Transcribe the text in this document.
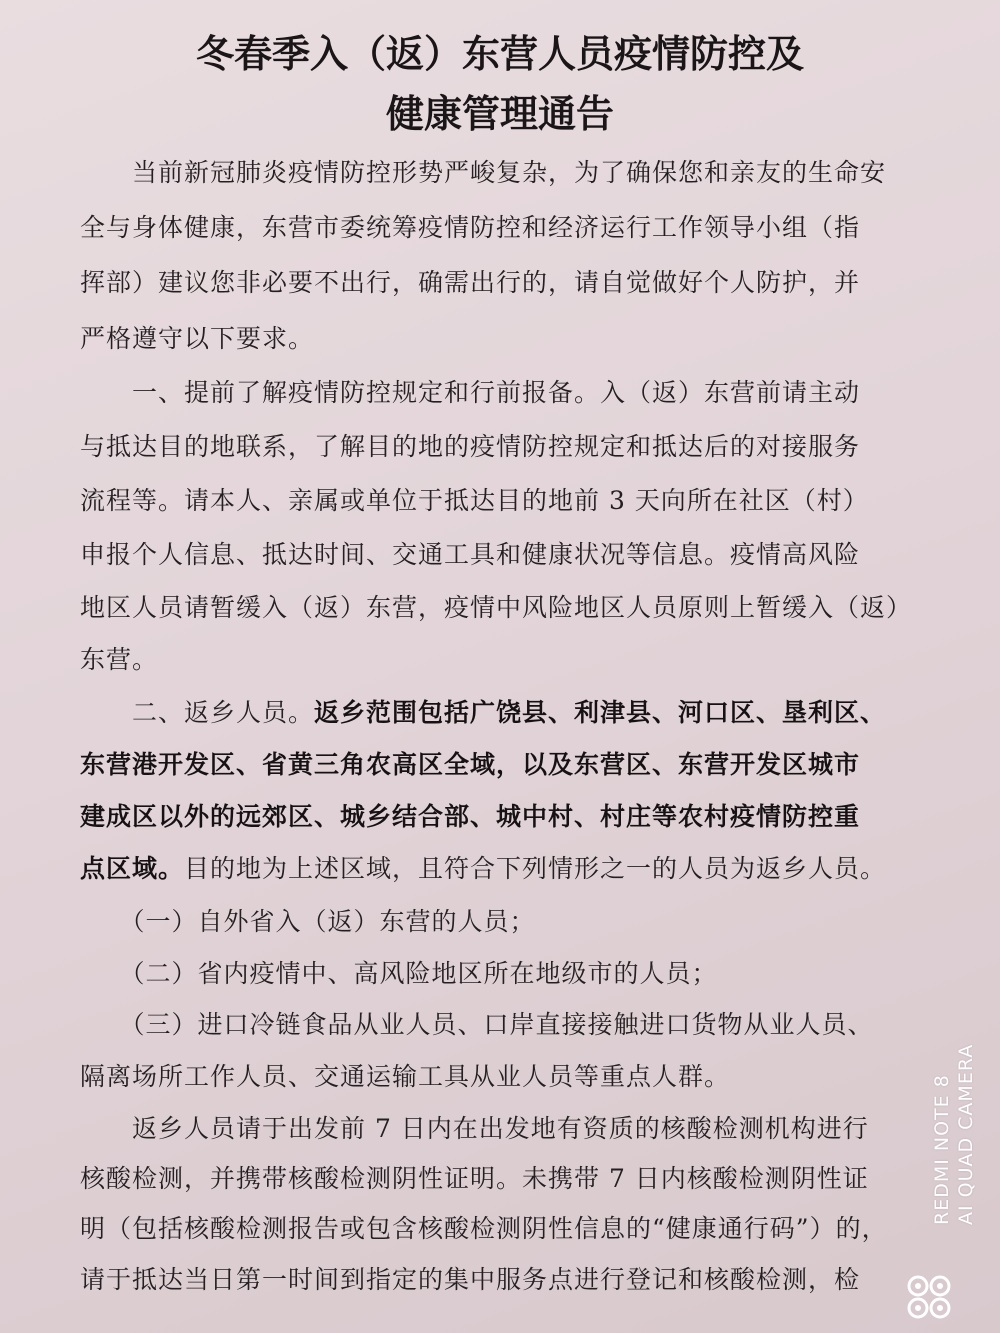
冬春季入（返）东营人员疫情防控及
健康管理通告
　　当前新冠肺炎疫情防控形势严峻复杂，为了确保您和亲友的生命安
全与身体健康，东营市委统筹疫情防控和经济运行工作领导小组（指
挥部）建议您非必要不出行，确需出行的，请自觉做好个人防护，并
严格遵守以下要求。
　　一、提前了解疫情防控规定和行前报备。入（返）东营前请主动
与抵达目的地联系，了解目的地的疫情防控规定和抵达后的对接服务
流程等。请本人、亲属或单位于抵达目的地前 3 天向所在社区（村）
申报个人信息、抵达时间、交通工具和健康状况等信息。疫情高风险
地区人员请暂缓入（返）东营，疫情中风险地区人员原则上暂缓入（返）
东营。
　　二、返乡人员。返乡范围包括广饶县、利津县、河口区、垦利区、
东营港开发区、省黄三角农高区全域，以及东营区、东营开发区城市
建成区以外的远郊区、城乡结合部、城中村、村庄等农村疫情防控重
点区域。目的地为上述区域，且符合下列情形之一的人员为返乡人员。
　　（一）自外省入（返）东营的人员；
　　（二）省内疫情中、高风险地区所在地级市的人员；
　　（三）进口冷链食品从业人员、口岸直接接触进口货物从业人员、
隔离场所工作人员、交通运输工具从业人员等重点人群。
　　返乡人员请于出发前 7 日内在出发地有资质的核酸检测机构进行
核酸检测，并携带核酸检测阴性证明。未携带 7 日内核酸检测阴性证
明（包括核酸检测报告或包含核酸检测阴性信息的“健康通行码”）的，
请于抵达当日第一时间到指定的集中服务点进行登记和核酸检测，检
REDMI NOTE 8 AI QUAD CAMERA
